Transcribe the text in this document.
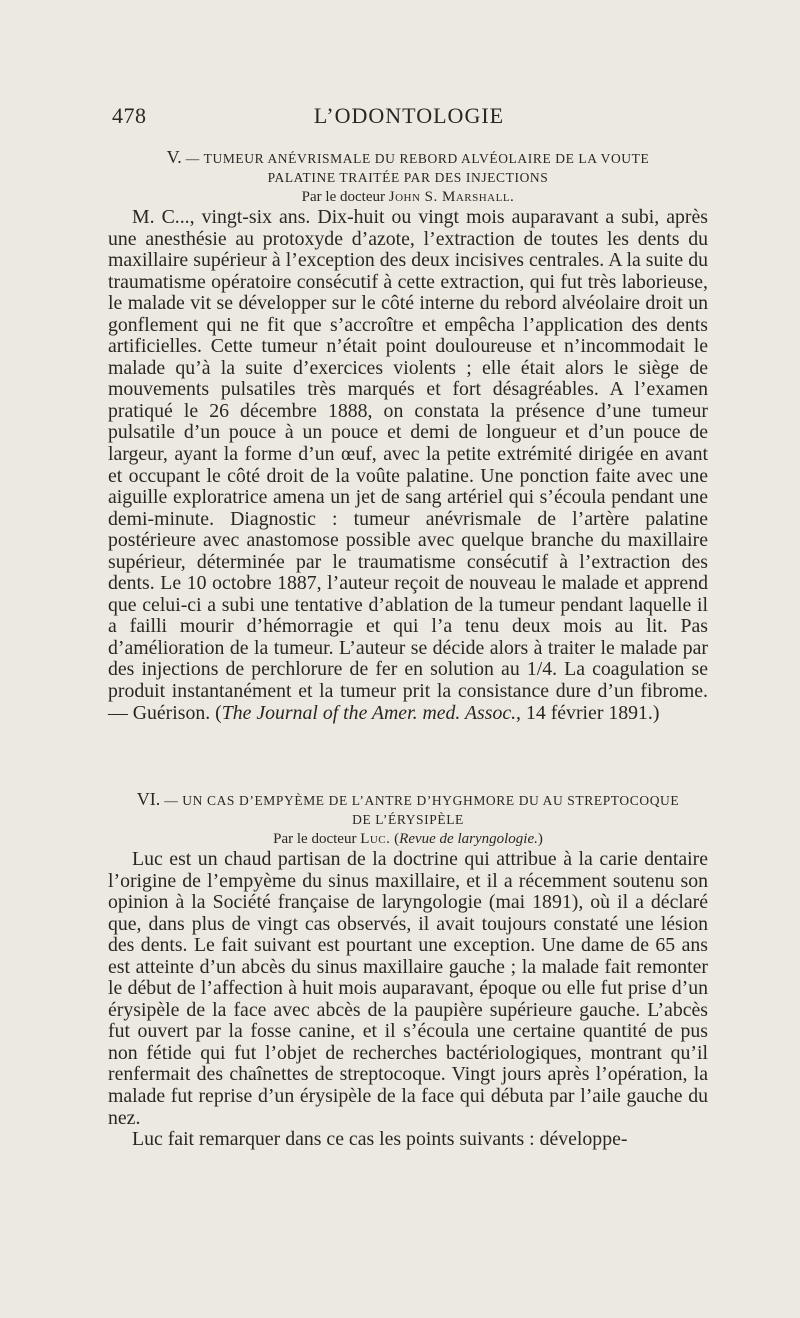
478	L’ODONTOLOGIE

V. — TUMEUR ANÉVRISMALE DU REBORD ALVÉOLAIRE DE LA VOUTE
PALATINE TRAITÉE PAR DES INJECTIONS

Par le docteur John S. Marshall.

M. C..., vingt-six ans. Dix-huit ou vingt mois auparavant a subi, après une anesthésie au protoxyde d’azote, l’extraction de toutes les dents du maxillaire supérieur à l’exception des deux incisives centrales. A la suite du traumatisme opératoire consécutif à cette extraction, qui fut très laborieuse, le malade vit se développer sur le côté interne du rebord alvéolaire droit un gonflement qui ne fit que s’accroître et empêcha l’application des dents artificielles. Cette tumeur n’était point douloureuse et n’incommodait le malade qu’à la suite d’exercices violents ; elle était alors le siège de mouvements pulsatiles très marqués et fort désagréables. A l’examen pratiqué le 26 décembre 1888, on constata la présence d’une tumeur pulsatile d’un pouce à un pouce et demi de longueur et d’un pouce de largeur, ayant la forme d’un œuf, avec la petite extrémité dirigée en avant et occupant le côté droit de la voûte palatine. Une ponction faite avec une aiguille exploratrice amena un jet de sang artériel qui s’écoula pendant une demi-minute. Diagnostic : tumeur anévrismale de l’artère palatine postérieure avec anastomose possible avec quelque branche du maxillaire supérieur, déterminée par le traumatisme consécutif à l’extraction des dents. Le 10 octobre 1887, l’auteur reçoit de nouveau le malade et apprend que celui-ci a subi une tentative d’ablation de la tumeur pendant laquelle il a failli mourir d’hémorragie et qui l’a tenu deux mois au lit. Pas d’amélioration de la tumeur. L’auteur se décide alors à traiter le malade par des injections de perchlorure de fer en solution au 1/4. La coagulation se produit instantanément et la tumeur prit la consistance dure d’un fibrome. — Guérison. (The Journal of the Amer. med. Assoc., 14 février 1891.)

VI. — UN CAS D’EMPYÈME DE L’ANTRE D’HYGHMORE DU AU STREPTOCOQUE
DE L’ÉRYSIPÈLE

Par le docteur Luc. (Revue de laryngologie.)

Luc est un chaud partisan de la doctrine qui attribue à la carie dentaire l’origine de l’empyème du sinus maxillaire, et il a récemment soutenu son opinion à la Société française de laryngologie (mai 1891), où il a déclaré que, dans plus de vingt cas observés, il avait toujours constaté une lésion des dents. Le fait suivant est pourtant une exception. Une dame de 65 ans est atteinte d’un abcès du sinus maxillaire gauche ; la malade fait remonter le début de l’affection à huit mois auparavant, époque ou elle fut prise d’un érysipèle de la face avec abcès de la paupière supérieure gauche. L’abcès fut ouvert par la fosse canine, et il s’écoula une certaine quantité de pus non fétide qui fut l’objet de recherches bactériologiques, montrant qu’il renfermait des chaînettes de streptocoque. Vingt jours après l’opération, la malade fut reprise d’un érysipèle de la face qui débuta par l’aile gauche du nez.

Luc fait remarquer dans ce cas les points suivants : développe-
